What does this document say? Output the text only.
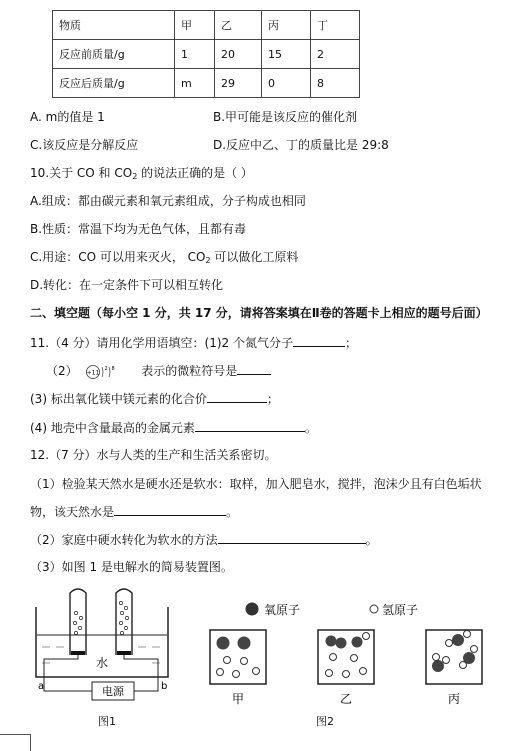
物质	甲	乙	丙	丁
反应前质量/g	1	20	15	2
反应后质量/g	m	29	0	8
A. m的值是 1	B.甲可能是该反应的催化剂
C.该反应是分解反应	D.反应中乙、丁的质量比是 29:8
10.关于 CO 和 $CO_2$ 的说法正确的是（ ）
A.组成：都由碳元素和氧元素组成，分子构成也相同
B.性质：常温下均为无色气体，且都有毒
C.用途：CO 可以用来灭火， $CO_2$ 可以做化工原料
D.转化：在一定条件下可以相互转化
二、填空题（每小空 1 分，共 17 分，请将答案填在Ⅱ卷的答题卡上相应的题号后面）
11.（4 分）请用化学用语填空：(1)2 个氮气分子	；
（2） +11
2 8 表示的微粒符号是
(3) 标出氧化镁中镁元素的化合价	；
(4) 地壳中含量最高的金属元素	。
12.（7 分）水与人类的生产和生活关系密切。
（1）检验某天然水是硬水还是软水：取样，加入肥皂水，搅拌，泡沫少且有白色垢状
物，该天然水是	。
（2）家庭中硬水转化为软水的方法	。
（3）如图 1 是电解水的简易装置图。
水
a	b
电源
图1
氧原子	氢原子
甲	乙	丙
图2
